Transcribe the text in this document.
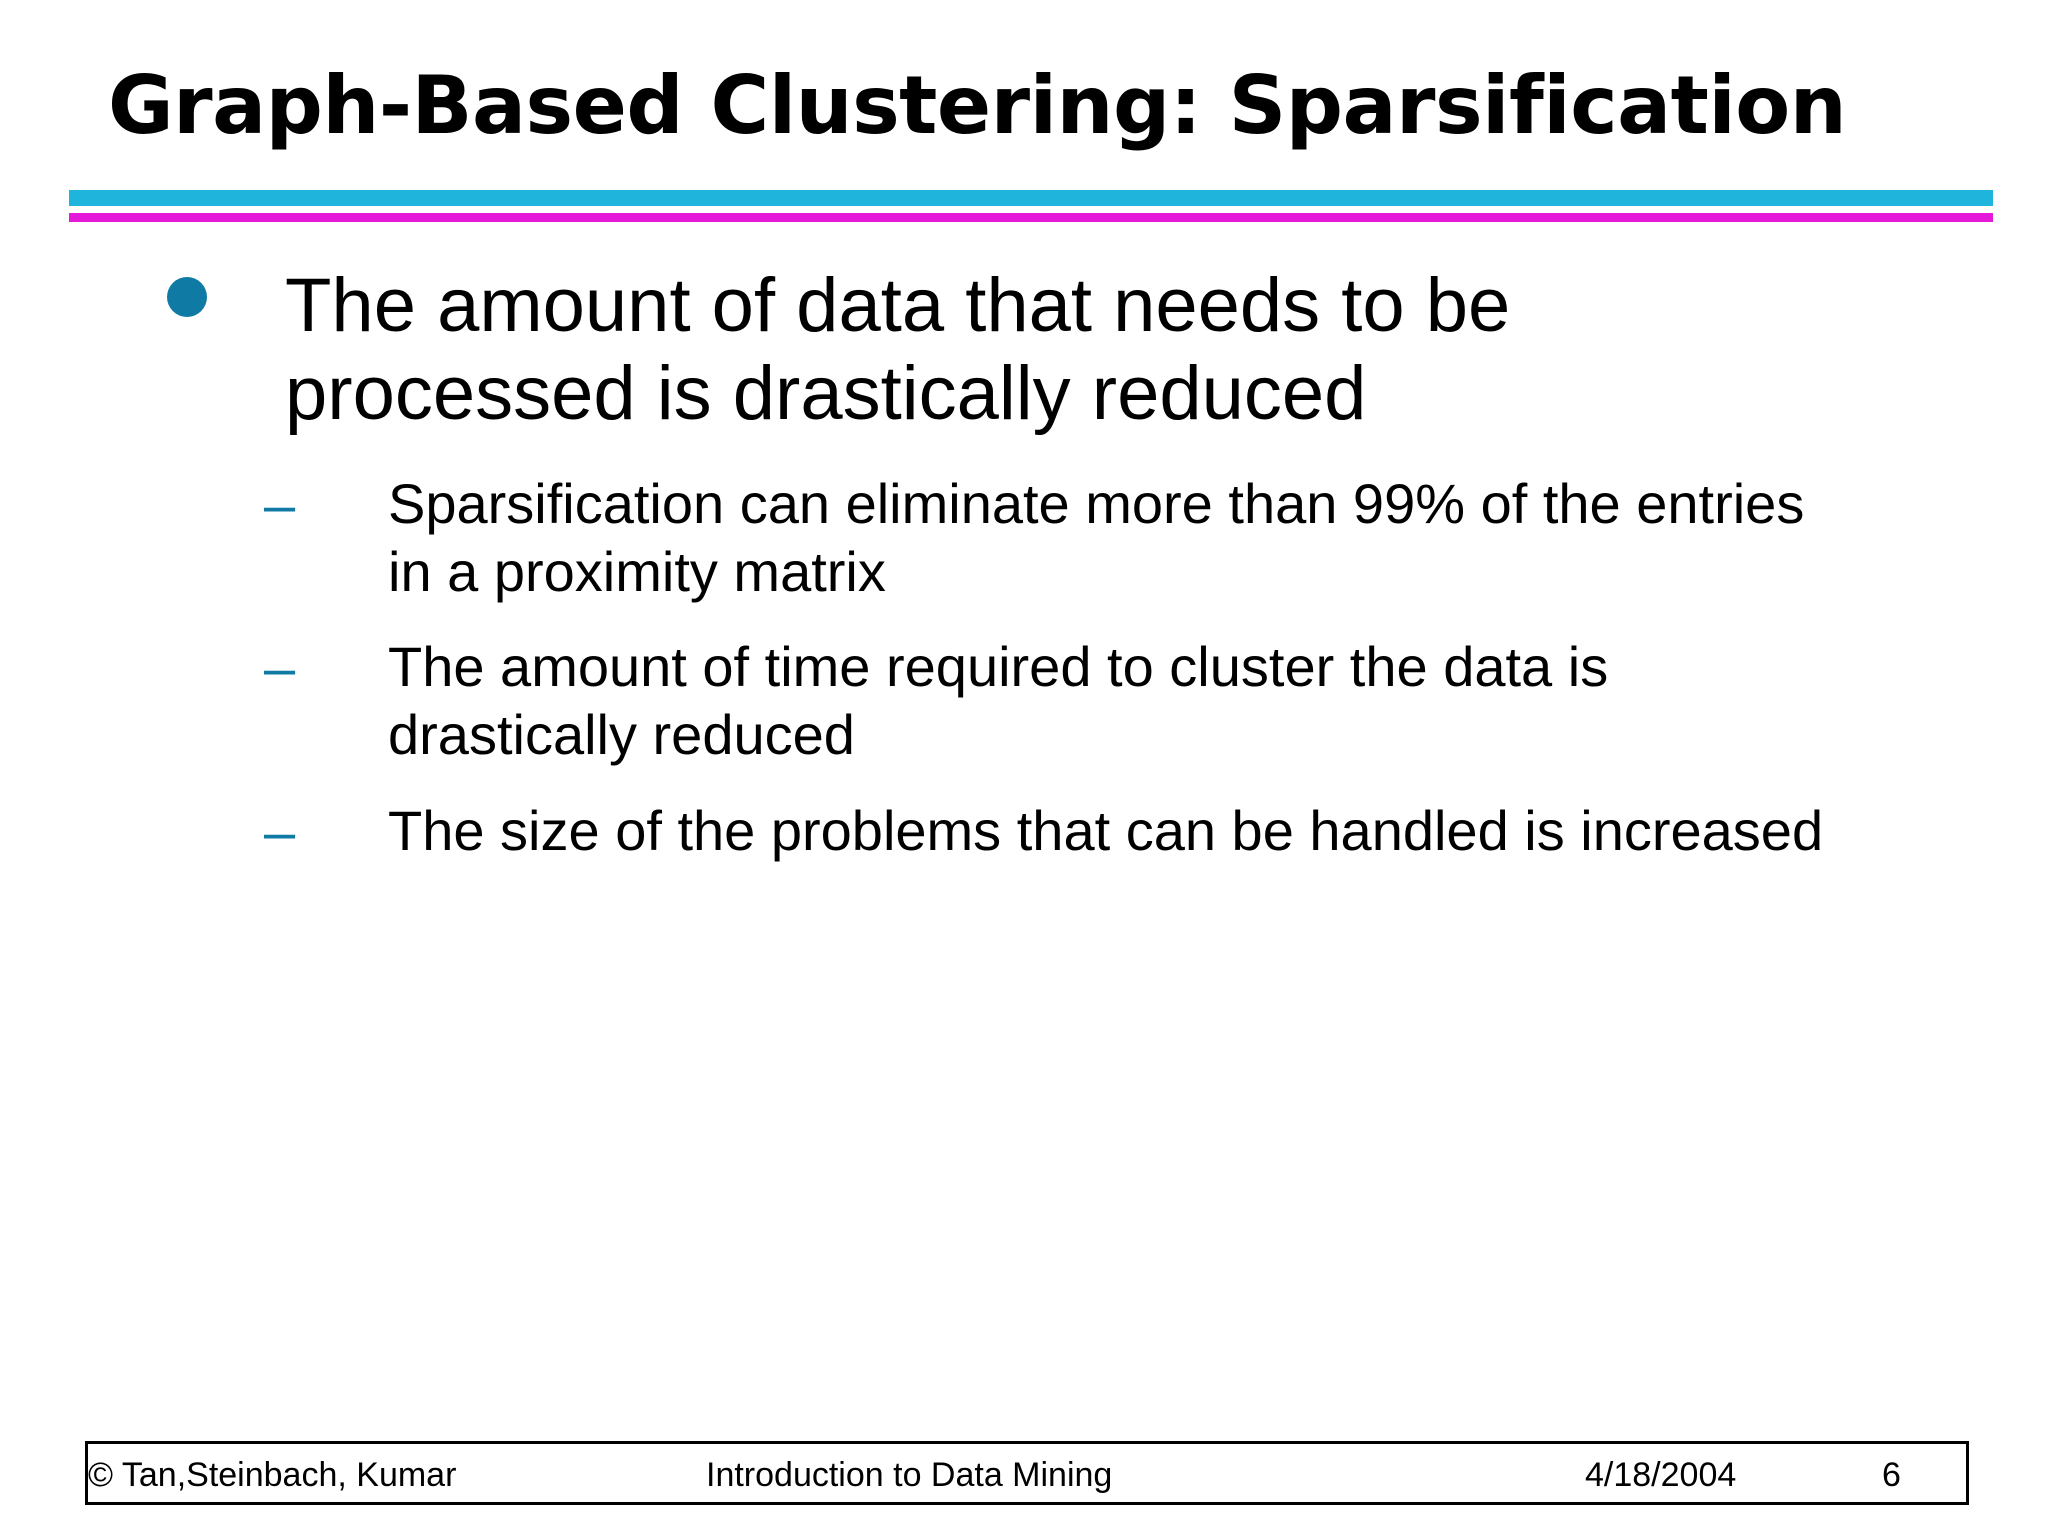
Graph-Based Clustering: Sparsification

The amount of data that needs to be processed is drastically reduced

–	Sparsification can eliminate more than 99% of the entries in a proximity matrix

–	The amount of time required to cluster the data is drastically reduced

–	The size of the problems that can be handled is increased

© Tan,Steinbach, Kumar	Introduction to Data Mining	4/18/2004	6
